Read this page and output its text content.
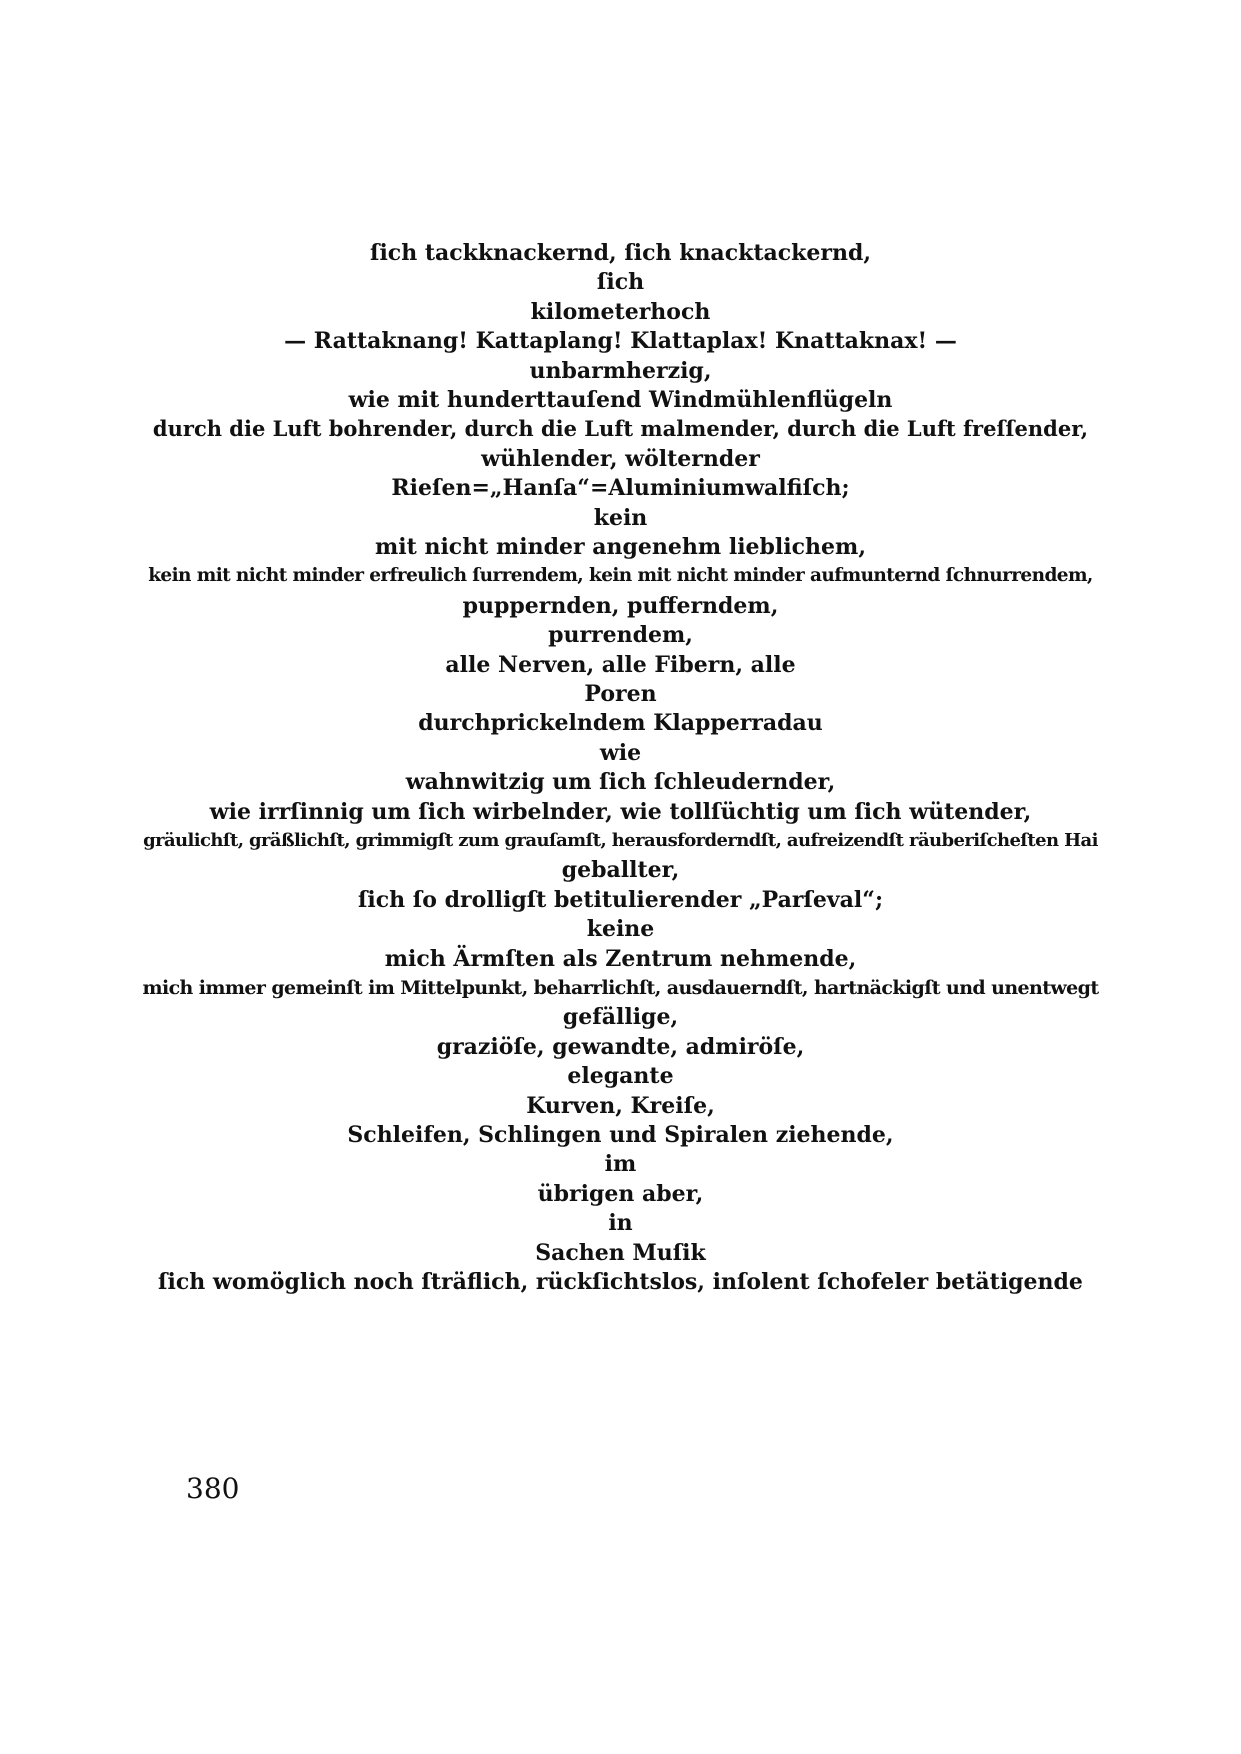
ſich tackknackernd, ſich knacktackernd,
ſich
kilometerhoch
— Rattaknang! Kattaplang! Klattaplax! Knattaknax! —
unbarmherzig,
wie mit hunderttauſend Windmühlenflügeln
durch die Luft bohrender, durch die Luft malmender, durch die Luft freſſender,
wühlender, wölternder
Rieſen=„Hanſa“=Aluminiumwalfiſch;
kein
mit nicht minder angenehm lieblichem,
kein mit nicht minder erfreulich ſurrendem, kein mit nicht minder aufmunternd ſchnurrendem,
puppernden, pufferndem,
purrendem,
alle Nerven, alle Fibern, alle
Poren
durchprickelndem Klapperradau
wie
wahnwitzig um ſich ſchleudernder,
wie irrſinnig um ſich wirbelnder, wie tollſüchtig um ſich wütender,
gräulichſt, gräßlichſt, grimmigſt zum grauſamſt, herausforderndſt, aufreizendſt räuberiſcheſten Hai
geballter,
ſich ſo drolligſt betitulierender „Parſeval“;
keine
mich Ärmſten als Zentrum nehmende,
mich immer gemeinſt im Mittelpunkt, beharrlichſt, ausdauerndſt, hartnäckigſt und unentwegt
gefällige,
graziöſe, gewandte, admiröſe,
elegante
Kurven, Kreiſe,
Schleifen, Schlingen und Spiralen ziehende,
im
übrigen aber,
in
Sachen Muſik
ſich womöglich noch ſträflich, rückſichtslos, inſolent ſchofeler betätigende
380
